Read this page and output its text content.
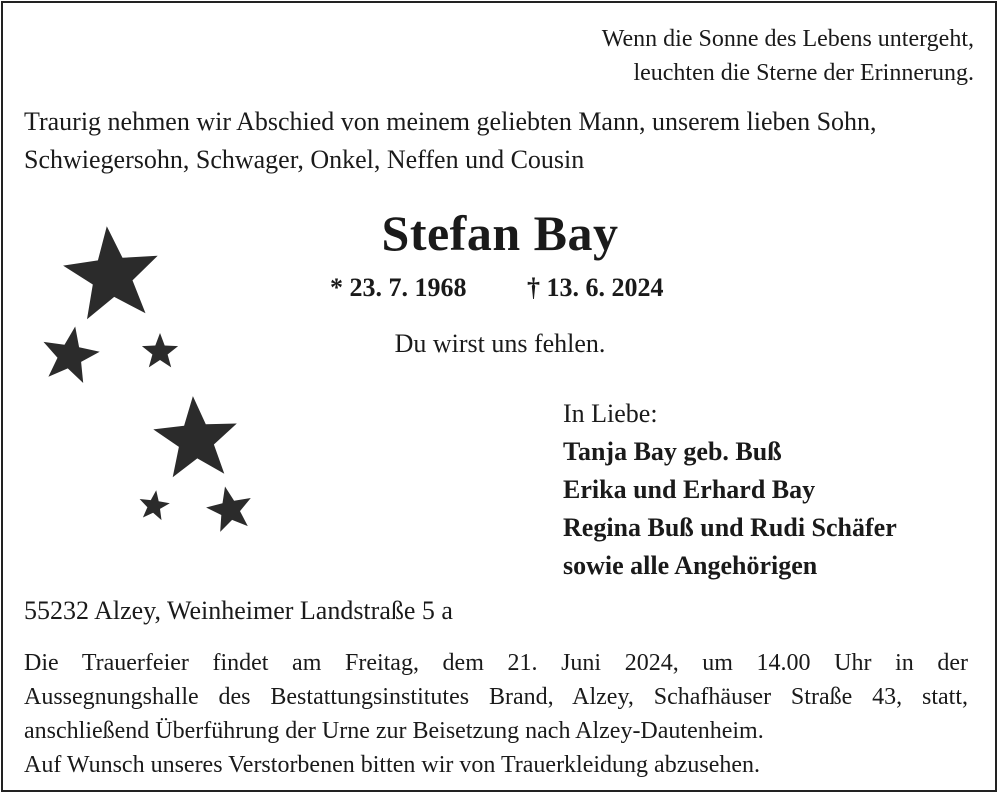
Wenn die Sonne des Lebens untergeht,
leuchten die Sterne der Erinnerung.
Traurig nehmen wir Abschied von meinem geliebten Mann, unserem lieben Sohn,
Schwiegersohn, Schwager, Onkel, Neffen und Cousin
Stefan Bay
* 23. 7. 1968 † 13. 6. 2024
Du wirst uns fehlen.
In Liebe:
Tanja Bay geb. Buß
Erika und Erhard Bay
Regina Buß und Rudi Schäfer
sowie alle Angehörigen
55232 Alzey, Weinheimer Landstraße 5 a
Die Trauerfeier findet am Freitag, dem 21. Juni 2024, um 14.00 Uhr in der
Aussegnungshalle des Bestattungsinstitutes Brand, Alzey, Schafhäuser Straße 43, statt,
anschließend Überführung der Urne zur Beisetzung nach Alzey-Dautenheim.
Auf Wunsch unseres Verstorbenen bitten wir von Trauerkleidung abzusehen.
